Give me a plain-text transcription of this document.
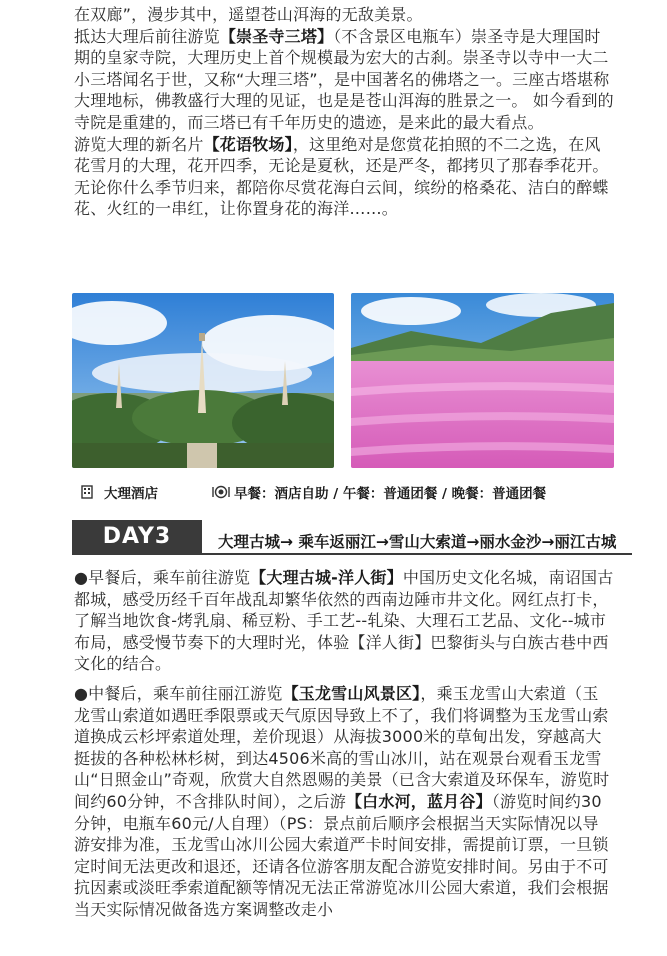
在双廊”，漫步其中，遥望苍山洱海的无敌美景。
抵达大理后前往游览【崇圣寺三塔】（不含景区电瓶车）崇圣寺是大理国时期的皇家寺院，大理历史上首个规模最为宏大的古刹。崇圣寺以寺中一大二小三塔闻名于世，又称“大理三塔”，是中国著名的佛塔之一。三座古塔堪称大理地标，佛教盛行大理的见证，也是是苍山洱海的胜景之一。 如今看到的寺院是重建的，而三塔已有千年历史的遗迹，是来此的最大看点。
游览大理的新名片【花语牧场】，这里绝对是您赏花拍照的不二之选，在风花雪月的大理，花开四季，无论是夏秋，还是严冬，都拷贝了那春季花开。无论你什么季节归来，都陪你尽赏花海白云间，缤纷的格桑花、洁白的醉蝶花、火红的一串红，让你置身花的海洋……。

大理酒店	早餐：酒店自助 / 午餐：普通团餐 / 晚餐：普通团餐
DAY3	大理古城→ 乘车返丽江→雪山大索道→丽水金沙→丽江古城

●早餐后，乘车前往游览【大理古城-洋人街】中国历史文化名城，南诏国古都城，感受历经千百年战乱却繁华依然的西南边陲市井文化。网红点打卡，了解当地饮食-烤乳扇、稀豆粉、手工艺--轧染、大理石工艺品、文化--城市布局，感受慢节奏下的大理时光，体验【洋人街】巴黎街头与白族古巷中西文化的结合。

●中餐后，乘车前往丽江游览【玉龙雪山风景区】，乘玉龙雪山大索道（玉龙雪山索道如遇旺季限票或天气原因导致上不了，我们将调整为玉龙雪山索道换成云杉坪索道处理，差价现退）从海拔3000米的草甸出发，穿越高大挺拔的各种松林杉树，到达4506米高的雪山冰川，站在观景台观看玉龙雪山“日照金山”奇观，欣赏大自然恩赐的美景（已含大索道及环保车，游览时间约60分钟，不含排队时间），之后游【白水河，蓝月谷】（游览时间约30分钟，电瓶车60元/人自理）（PS：景点前后顺序会根据当天实际情况以导游安排为准，玉龙雪山冰川公园大索道严卡时间安排，需提前订票，一旦锁定时间无法更改和退还，还请各位游客朋友配合游览安排时间。另由于不可抗因素或淡旺季索道配额等情况无法正常游览冰川公园大索道，我们会根据当天实际情况做备选方案调整改走小
